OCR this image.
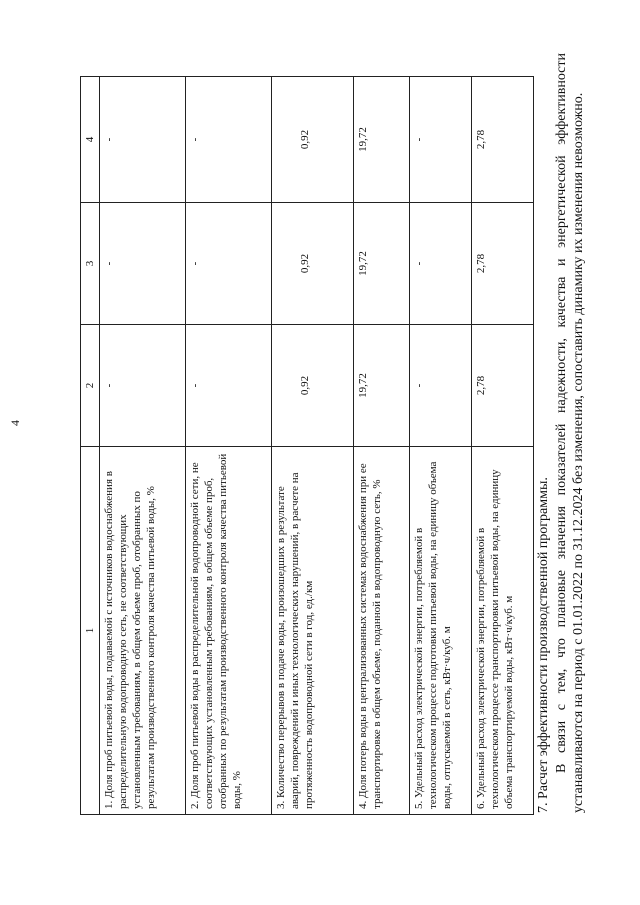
4
1	2	3	4
1. Доля проб питьевой воды, подаваемой с источников водоснабжения в распределительную водопроводную сеть, не соответствующих установленным требованиям, в общем объеме проб, отобранных по результатам производственного контроля качества питьевой воды, %	-	-	-
2. Доля проб питьевой воды в распределительной водопроводной сети, не соответствующих установленным требованиям, в общем объеме проб, отобранных по результатам производственного контроля качества питьевой воды, %	-	-	-
3. Количество перерывов в подаче воды, произошедших в результате аварий, повреждений и иных технологических нарушений, в расчете на протяженность водопроводной сети в год, ед./км	0,92	0,92	0,92
4. Доля потерь воды в централизованных системах водоснабжения при ее транспортировке в общем объеме, поданной в водопроводную сеть, %	19,72	19,72	19,72
5. Удельный расход электрической энергии, потребляемой в технологическом процессе подготовки питьевой воды, на единицу объема воды, отпускаемой в сеть, кВт·ч/куб. м	-	-	-
6. Удельный расход электрической энергии, потребляемой в технологическом процессе транспортировки питьевой воды, на единицу объема транспортируемой воды, кВт·ч/куб. м	2,78	2,78	2,78

7. Расчет эффективности производственной программы. В связи с тем, что плановые значения показателей надежности, качества и энергетической эффективности устанавливаются на период с 01.01.2022 по 31.12.2024 без изменения, сопоставить динамику их изменения невозможно.
